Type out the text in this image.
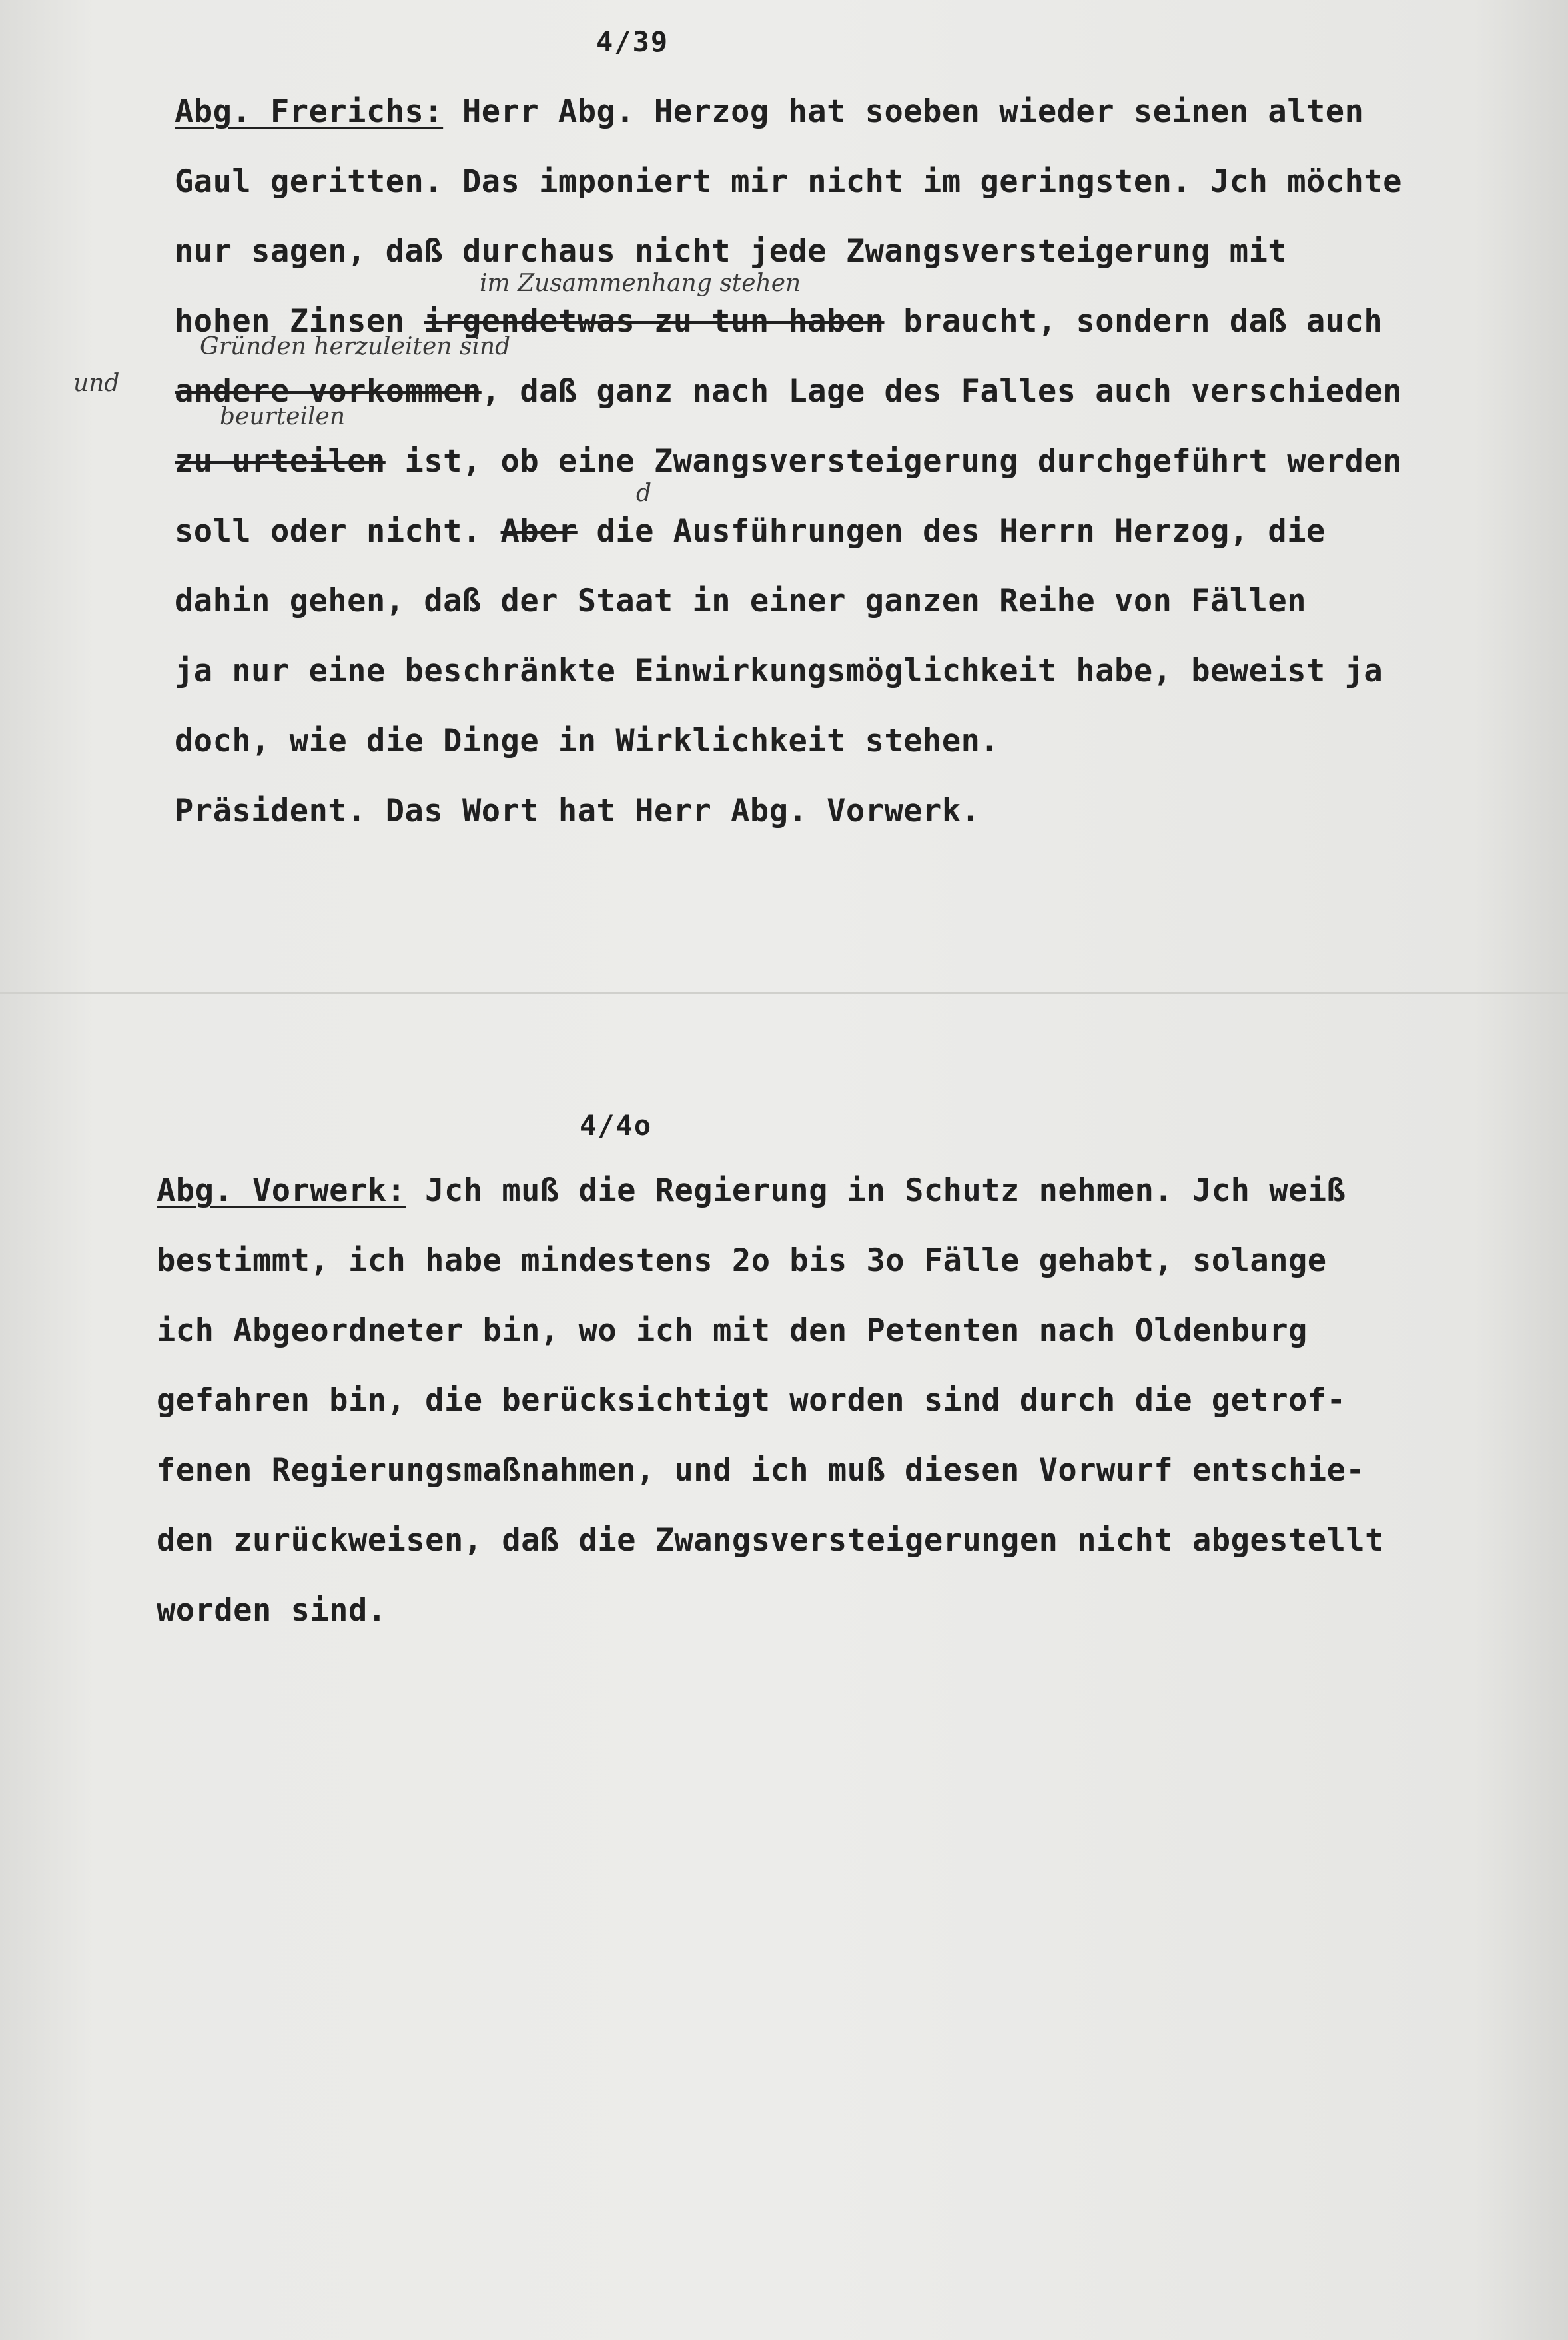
4/39
Abg. Frerichs: Herr Abg. Herzog hat soeben wieder seinen alten
Gaul geritten. Das imponiert mir nicht im geringsten. Jch möchte
nur sagen, daß durchaus nicht jede Zwangsversteigerung mit
im Zusammenhang stehen
hohen Zinsen irgendetwas zu tun haben braucht, sondern daß auch
und
Gründen herzuleiten sind
andere vorkommen, daß ganz nach Lage des Falles auch verschieden
beurteilen
zu urteilen ist, ob eine Zwangsversteigerung durchgeführt werden
d
soll oder nicht. Aber die Ausführungen des Herrn Herzog, die
dahin gehen, daß der Staat in einer ganzen Reihe von Fällen
ja nur eine beschränkte Einwirkungsmöglichkeit habe, beweist ja
doch, wie die Dinge in Wirklichkeit stehen.
Präsident. Das Wort hat Herr Abg. Vorwerk.
4/4o
Abg. Vorwerk: Jch muß die Regierung in Schutz nehmen. Jch weiß
bestimmt, ich habe mindestens 2o bis 3o Fälle gehabt, solange
ich Abgeordneter bin, wo ich mit den Petenten nach Oldenburg
gefahren bin, die berücksichtigt worden sind durch die getrof-
fenen Regierungsmaßnahmen, und ich muß diesen Vorwurf entschie-
den zurückweisen, daß die Zwangsversteigerungen nicht abgestellt
worden sind.
